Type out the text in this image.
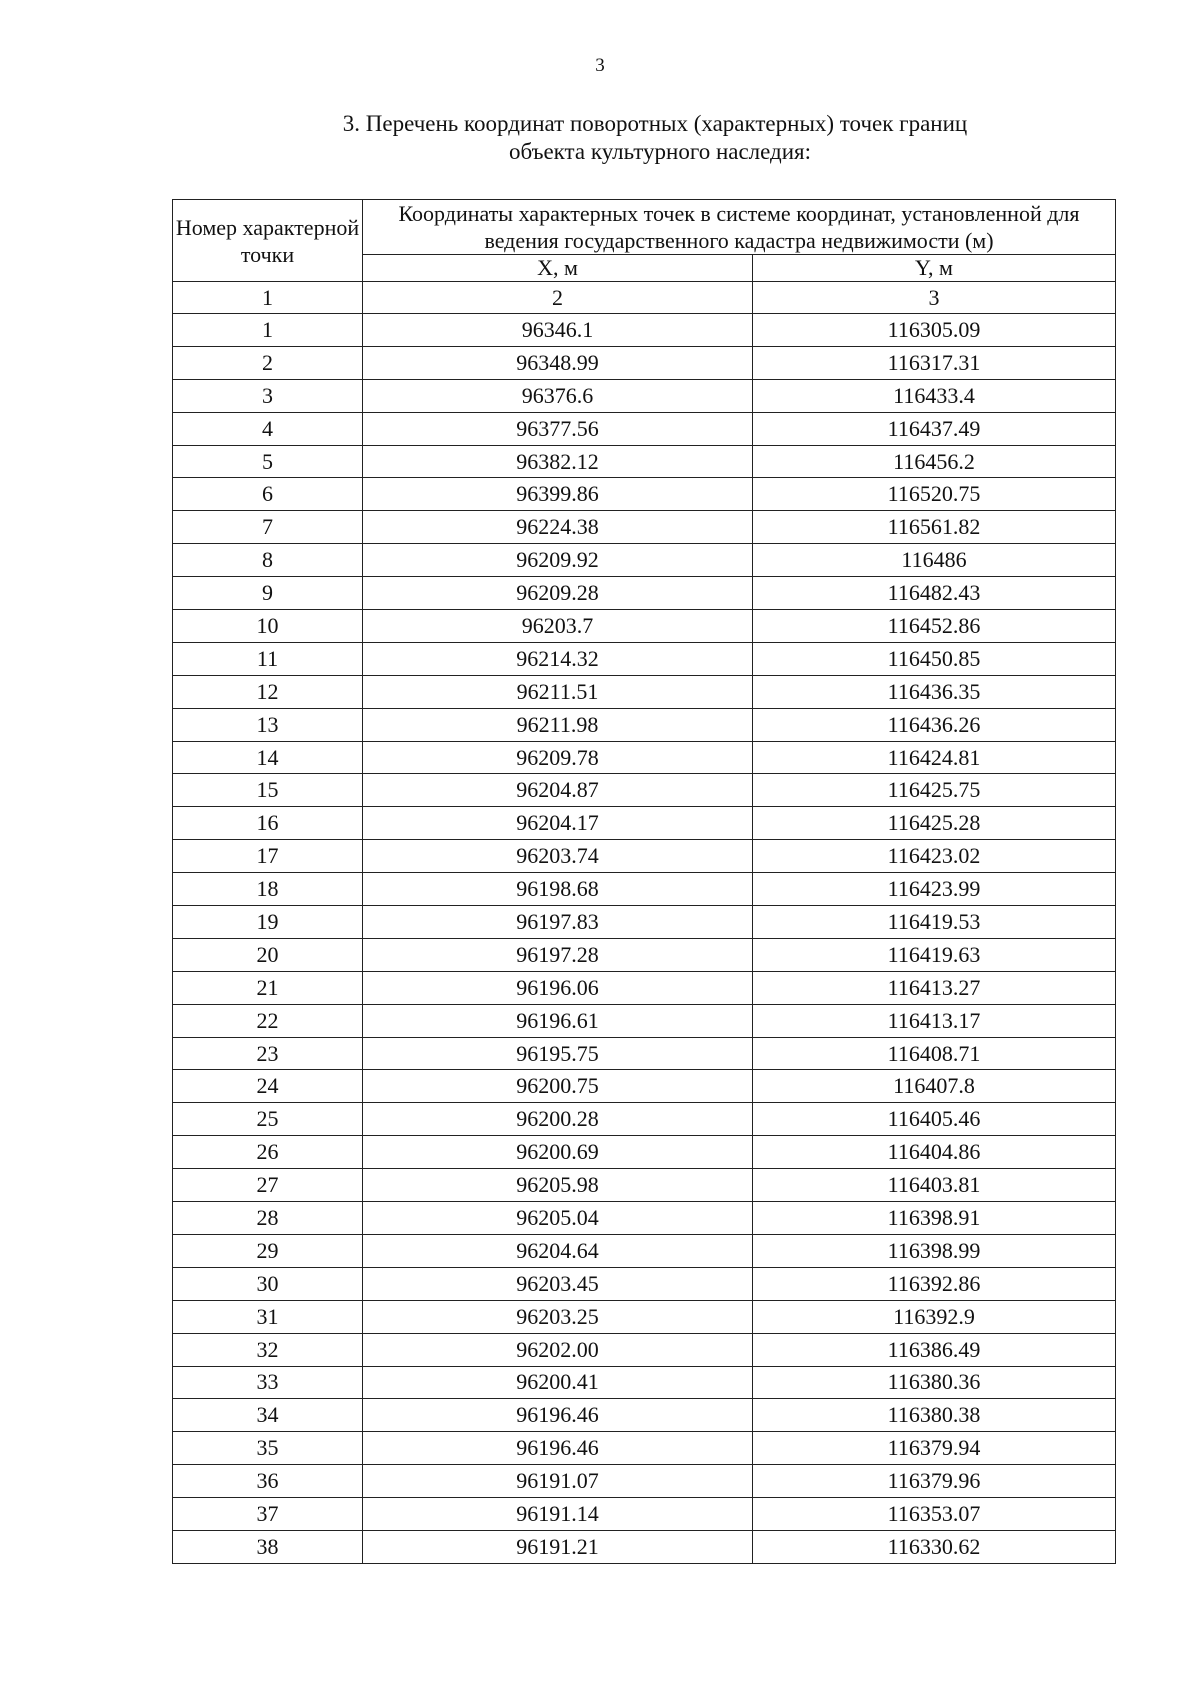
3
3. Перечень координат поворотных (характерных) точек границ
объекта культурного наследия:
Номер характерной точки	Координаты характерных точек в системе координат, установленной для ведения государственного кадастра недвижимости (м)	
	X, м	Y, м
1	2	3
1	96346.1	116305.09
2	96348.99	116317.31
3	96376.6	116433.4
4	96377.56	116437.49
5	96382.12	116456.2
6	96399.86	116520.75
7	96224.38	116561.82
8	96209.92	116486
9	96209.28	116482.43
10	96203.7	116452.86
11	96214.32	116450.85
12	96211.51	116436.35
13	96211.98	116436.26
14	96209.78	116424.81
15	96204.87	116425.75
16	96204.17	116425.28
17	96203.74	116423.02
18	96198.68	116423.99
19	96197.83	116419.53
20	96197.28	116419.63
21	96196.06	116413.27
22	96196.61	116413.17
23	96195.75	116408.71
24	96200.75	116407.8
25	96200.28	116405.46
26	96200.69	116404.86
27	96205.98	116403.81
28	96205.04	116398.91
29	96204.64	116398.99
30	96203.45	116392.86
31	96203.25	116392.9
32	96202.00	116386.49
33	96200.41	116380.36
34	96196.46	116380.38
35	96196.46	116379.94
36	96191.07	116379.96
37	96191.14	116353.07
38	96191.21	116330.62
